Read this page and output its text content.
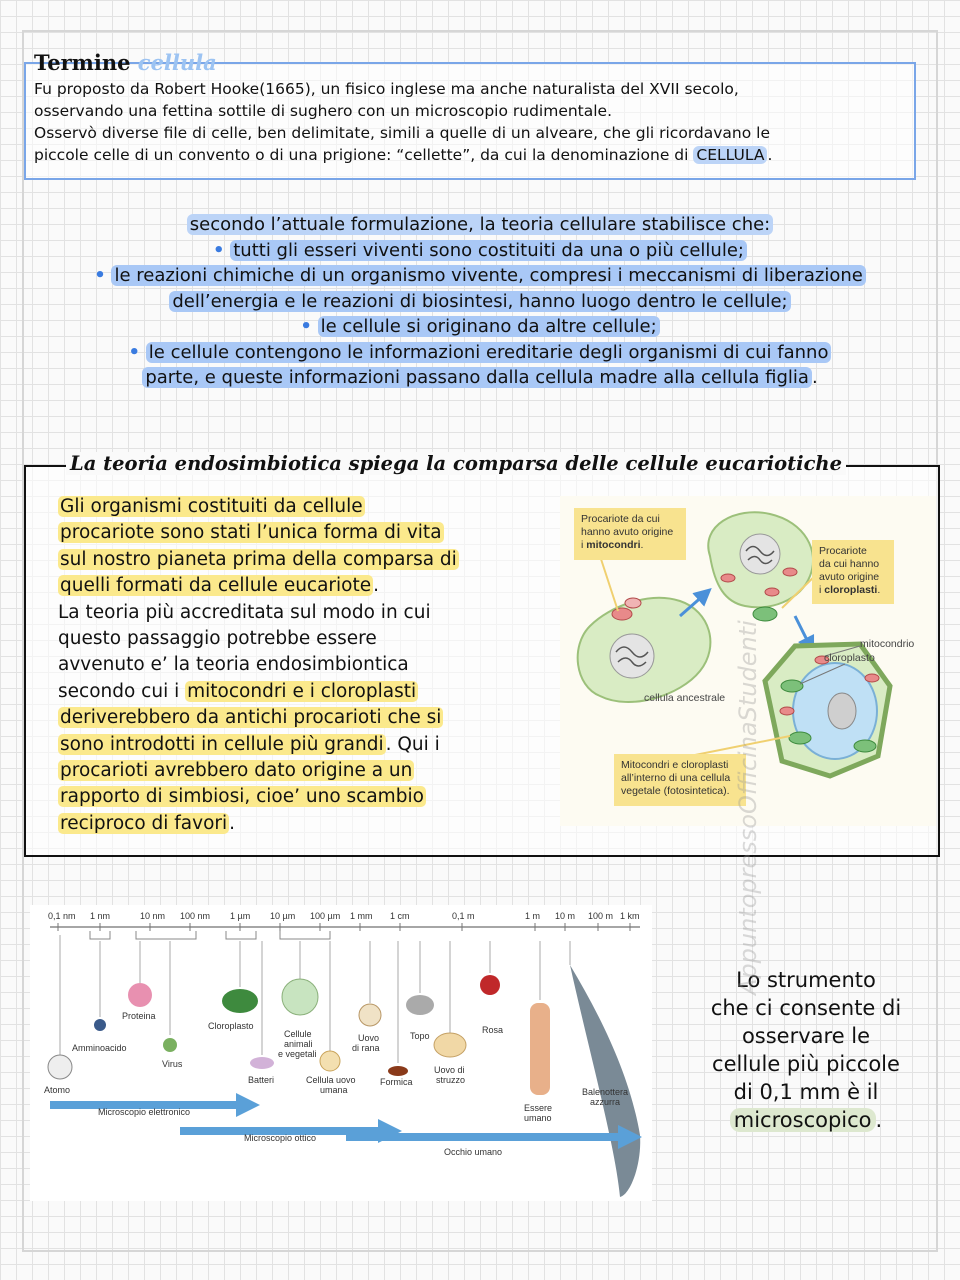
Termine cellula
Fu proposto da Robert Hooke(1665), un fisico inglese ma anche naturalista del XVII secolo,
osservando una fettina sottile di sughero con un microscopio rudimentale.
Osservò diverse file di celle, ben delimitate, simili a quelle di un alveare, che gli ricordavano le
piccole celle di un convento o di una prigione: “cellette”, da cui la denominazione di CELLULA .
secondo l’attuale formulazione, la teoria cellulare stabilisce che:
• tutti gli esseri viventi sono costituiti da una o più cellule;
• le reazioni chimiche di un organismo vivente, compresi i meccanismi di liberazione
dell’energia e le reazioni di biosintesi, hanno luogo dentro le cellule;
• le cellule si originano da altre cellule;
• le cellule contengono le informazioni ereditarie degli organismi di cui fanno
parte, e queste informazioni passano dalla cellula madre alla cellula figlia .
La teoria endosimbiotica spiega la comparsa delle cellule eucariotiche
Gli organismi costituiti da cellule
procariote sono stati l’unica forma di vita
sul nostro pianeta prima della comparsa di
quelli formati da cellule eucariote .
La teoria più accreditata sul modo in cui
questo passaggio potrebbe essere
avvenuto e’ la teoria endosimbiontica
secondo cui i mitocondri e i cloroplasti
deriverebbero da antichi procarioti che si
sono introdotti in cellule più grandi . Qui i
procarioti avrebbero dato origine a un
rapporto di simbiosi, cioe’ uno scambio
reciproco di favori .
Procariote da cui
hanno avuto origine
i mitocondri.	Procariote
da cui hanno
avuto origine
i cloroplasti.
mitocondrio
cloroplasto
cellula ancestrale
Mitocondri e cloroplasti
all’interno di una cellula
vegetale (fotosintetica).
0,1 nm 1 nm	10 nm 100 nm 1 µm 10 µm 100 µm 1 mm 1 cm	0,1 m	1 m 10 m 100 m 1 km
Atomo
Amminoacido
Proteina
Virus
Cloroplasto
Batteri
Cellule
animali
e vegetali
Cellula uovo
umana
Uovo
di rana
Formica
Topo
Uovo di
struzzo
Rosa
Essere
umano
Balenottera
azzurra
Microscopio elettronico
Microscopio ottico
Occhio umano
Lo strumento
che ci consente di
osservare le
cellule più piccole
di 0,1 mm è il
microscopico .
AppuntopressoOfficinaStudenti
